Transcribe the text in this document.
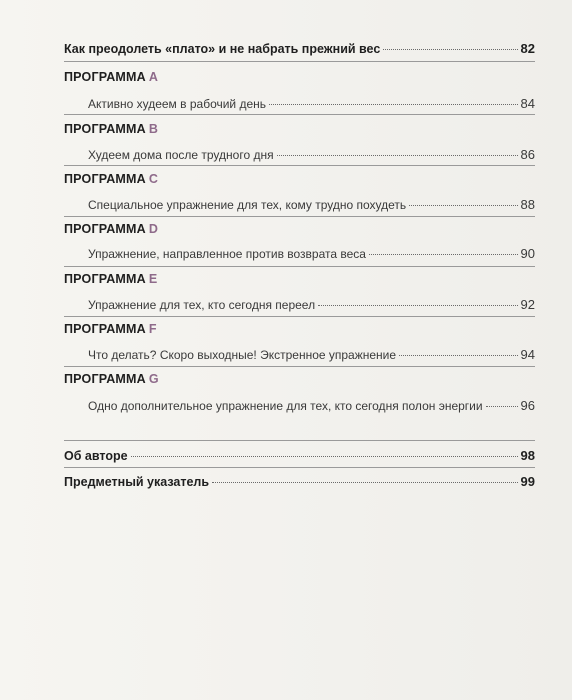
Как преодолеть «плато» и не набрать прежний вес	82
ПРОГРАММА А
Активно худеем в рабочий день	84
ПРОГРАММА B
Худеем дома после трудного дня	86
ПРОГРАММА C
Специальное упражнение для тех, кому трудно похудеть	88
ПРОГРАММА D
Упражнение, направленное против возврата веса	90
ПРОГРАММА E
Упражнение для тех, кто сегодня переел	92
ПРОГРАММА F
Что делать? Скоро выходные! Экстренное упражнение	94
ПРОГРАММА G
Одно дополнительное упражнение для тех, кто сегодня полон энергии	96
Об авторе	98
Предметный указатель	99
